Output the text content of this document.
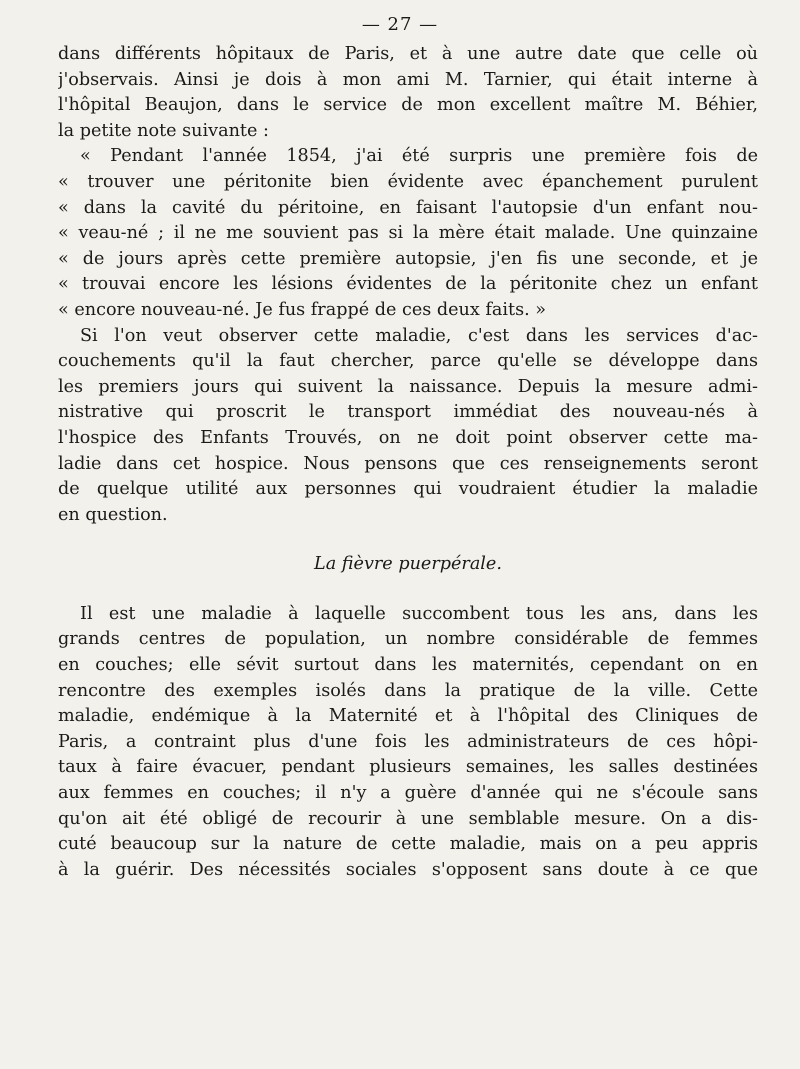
— 27 —
dans différents hôpitaux de Paris, et à une autre date que celle où
j'observais. Ainsi je dois à mon ami M. Tarnier, qui était interne à
l'hôpital Beaujon, dans le service de mon excellent maître M. Béhier,
la petite note suivante :
« Pendant l'année 1854, j'ai été surpris une première fois de
« trouver une péritonite bien évidente avec épanchement purulent
« dans la cavité du péritoine, en faisant l'autopsie d'un enfant nou-
« veau-né ; il ne me souvient pas si la mère était malade. Une quinzaine
« de jours après cette première autopsie, j'en fis une seconde, et je
« trouvai encore les lésions évidentes de la péritonite chez un enfant
« encore nouveau-né. Je fus frappé de ces deux faits. »
Si l'on veut observer cette maladie, c'est dans les services d'ac-
couchements qu'il la faut chercher, parce qu'elle se développe dans
les premiers jours qui suivent la naissance. Depuis la mesure admi-
nistrative qui proscrit le transport immédiat des nouveau-nés à
l'hospice des Enfants Trouvés, on ne doit point observer cette ma-
ladie dans cet hospice. Nous pensons que ces renseignements seront
de quelque utilité aux personnes qui voudraient étudier la maladie
en question.
La fièvre puerpérale.
Il est une maladie à laquelle succombent tous les ans, dans les
grands centres de population, un nombre considérable de femmes
en couches; elle sévit surtout dans les maternités, cependant on en
rencontre des exemples isolés dans la pratique de la ville. Cette
maladie, endémique à la Maternité et à l'hôpital des Cliniques de
Paris, a contraint plus d'une fois les administrateurs de ces hôpi-
taux à faire évacuer, pendant plusieurs semaines, les salles destinées
aux femmes en couches; il n'y a guère d'année qui ne s'écoule sans
qu'on ait été obligé de recourir à une semblable mesure. On a dis-
cuté beaucoup sur la nature de cette maladie, mais on a peu appris
à la guérir. Des nécessités sociales s'opposent sans doute à ce que
